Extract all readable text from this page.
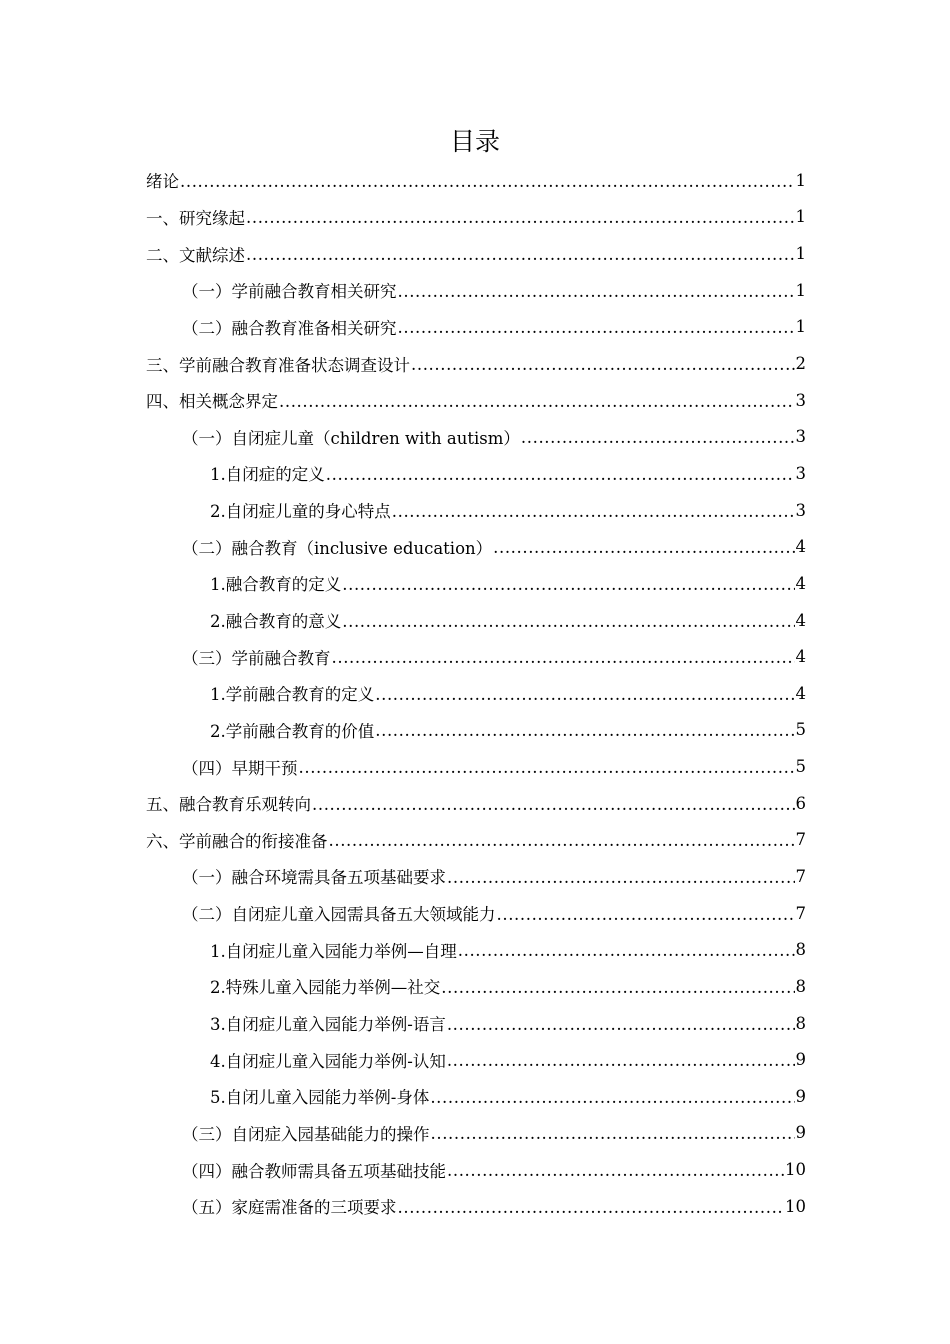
目录
绪论 .....	1
一、研究缘起 .....	1
二、文献综述 .....	1
（一）学前融合教育相关研究 .....	1
（二）融合教育准备相关研究 .....	1
三、学前融合教育准备状态调查设计 .....	2
四、相关概念界定 .....	3
（一）自闭症儿童（children with autism） .....	3
1.自闭症的定义 .....	3
2.自闭症儿童的身心特点 .....	3
（二）融合教育（inclusive education） .....	4
1.融合教育的定义 .....	4
2.融合教育的意义 .....	4
（三）学前融合教育 .....	4
1.学前融合教育的定义 .....	4
2.学前融合教育的价值 .....	5
（四）早期干预 .....	5
五、融合教育乐观转向 .....	6
六、学前融合的衔接准备 .....	7
（一）融合环境需具备五项基础要求 .....	7
（二）自闭症儿童入园需具备五大领域能力 .....	7
1.自闭症儿童入园能力举例—自理 .....	8
2.特殊儿童入园能力举例—社交 .....	8
3.自闭症儿童入园能力举例-语言 .....	8
4.自闭症儿童入园能力举例-认知 .....	9
5.自闭儿童入园能力举例-身体 .....	9
（三）自闭症入园基础能力的操作 .....	9
（四）融合教师需具备五项基础技能 .....	10
（五）家庭需准备的三项要求 .....	10
